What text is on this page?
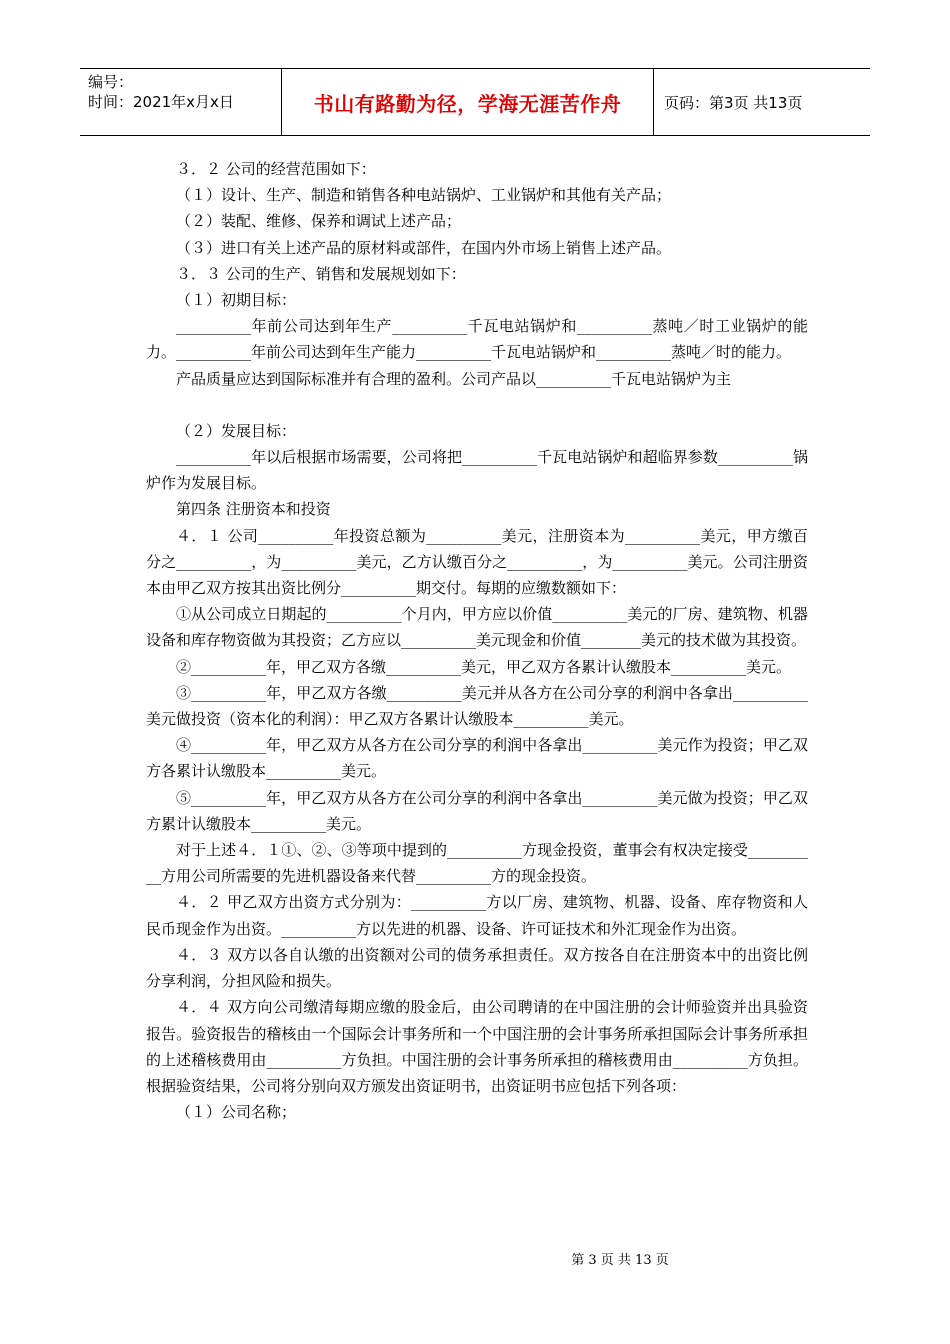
编号：
时间：2021年x月x日	书山有路勤为径，学海无涯苦作舟	页码：第3页 共13页

３．２ 公司的经营范围如下：

（１）设计、生产、制造和销售各种电站锅炉、工业锅炉和其他有关产品；

（２）装配、维修、保养和调试上述产品；

（３）进口有关上述产品的原材料或部件，在国内外市场上销售上述产品。

３．３ 公司的生产、销售和发展规划如下：

（１）初期目标：

__________年前公司达到年生产__________千瓦电站锅炉和__________蒸吨／时工业锅炉的能力。__________年前公司达到年生产能力__________千瓦电站锅炉和__________蒸吨／时的能力。

产品质量应达到国际标准并有合理的盈利。公司产品以__________千瓦电站锅炉为主

（２）发展目标：

__________年以后根据市场需要，公司将把__________千瓦电站锅炉和超临界参数__________锅炉作为发展目标。

第四条 注册资本和投资

４．１ 公司__________年投资总额为__________美元，注册资本为__________美元，甲方缴百分之__________，为__________美元，乙方认缴百分之__________，为__________美元。公司注册资本由甲乙双方按其出资比例分__________期交付。每期的应缴数额如下：

①从公司成立日期起的__________个月内，甲方应以价值__________美元的厂房、建筑物、机器设备和库存物资做为其投资；乙方应以__________美元现金和价值________美元的技术做为其投资。

②__________年，甲乙双方各缴__________美元，甲乙双方各累计认缴股本__________美元。

③__________年，甲乙双方各缴__________美元并从各方在公司分享的利润中各拿出__________美元做投资（资本化的利润）：甲乙双方各累计认缴股本__________美元。

④__________年，甲乙双方从各方在公司分享的利润中各拿出__________美元作为投资；甲乙双方各累计认缴股本__________美元。

⑤__________年，甲乙双方从各方在公司分享的利润中各拿出__________美元做为投资；甲乙双方累计认缴股本__________美元。

对于上述４．１①、②、③等项中提到的__________方现金投资，董事会有权决定接受__________方用公司所需要的先进机器设备来代替__________方的现金投资。

４．２ 甲乙双方出资方式分别为：__________方以厂房、建筑物、机器、设备、库存物资和人民币现金作为出资。__________方以先进的机器、设备、许可证技术和外汇现金作为出资。

４．３ 双方以各自认缴的出资额对公司的债务承担责任。双方按各自在注册资本中的出资比例分享利润，分担风险和损失。

４．４ 双方向公司缴清每期应缴的股金后，由公司聘请的在中国注册的会计师验资并出具验资报告。验资报告的稽核由一个国际会计事务所和一个中国注册的会计事务所承担国际会计事务所承担的上述稽核费用由__________方负担。中国注册的会计事务所承担的稽核费用由__________方负担。根据验资结果，公司将分别向双方颁发出资证明书，出资证明书应包括下列各项：

（１）公司名称；

第 3 页 共 13 页
